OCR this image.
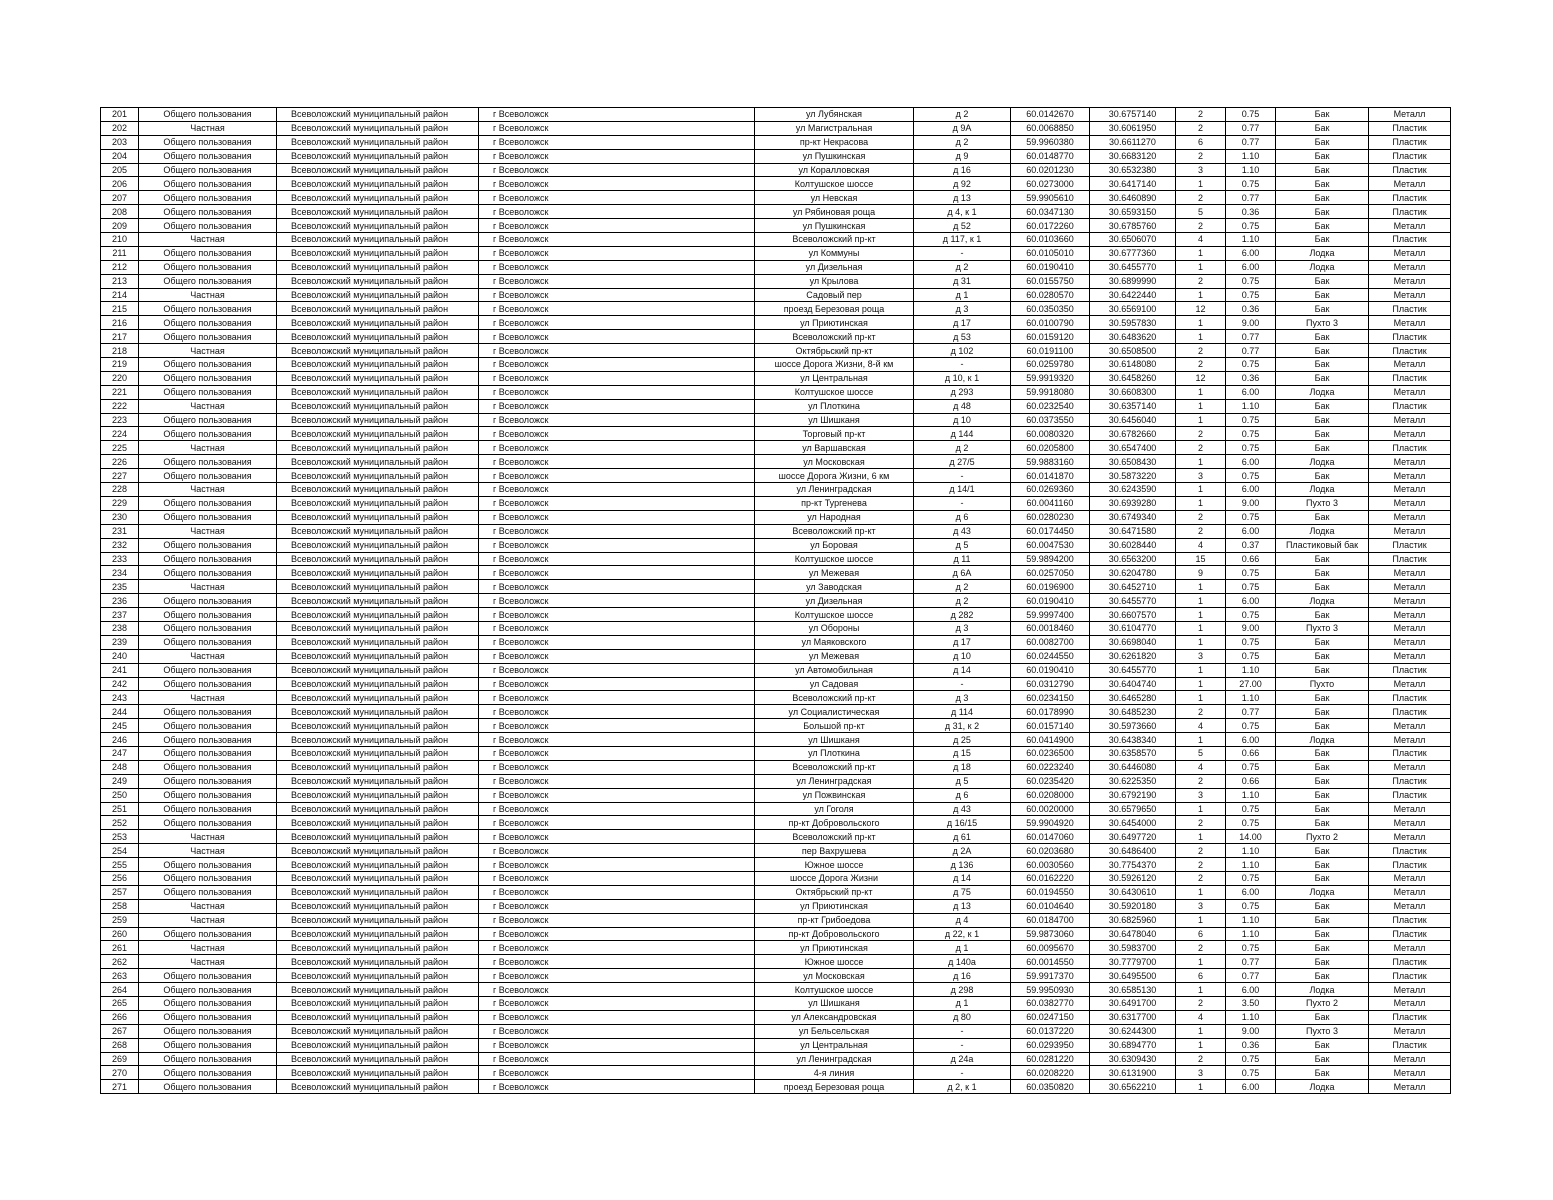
201	Общего пользования	Всеволожский муниципальный район	г Всеволожск	ул Лубянская	д 2	60.0142670	30.6757140	2	0.75	Бак	Металл
202	Частная	Всеволожский муниципальный район	г Всеволожск	ул Магистральная	д 9А	60.0068850	30.6061950	2	0.77	Бак	Пластик
203	Общего пользования	Всеволожский муниципальный район	г Всеволожск	пр-кт Некрасова	д 2	59.9960380	30.6611270	6	0.77	Бак	Пластик
204	Общего пользования	Всеволожский муниципальный район	г Всеволожск	ул Пушкинская	д 9	60.0148770	30.6683120	2	1.10	Бак	Пластик
205	Общего пользования	Всеволожский муниципальный район	г Всеволожск	ул Коралловская	д 16	60.0201230	30.6532380	3	1.10	Бак	Пластик
206	Общего пользования	Всеволожский муниципальный район	г Всеволожск	Колтушское шоссе	д 92	60.0273000	30.6417140	1	0.75	Бак	Металл
207	Общего пользования	Всеволожский муниципальный район	г Всеволожск	ул Невская	д 13	59.9905610	30.6460890	2	0.77	Бак	Пластик
208	Общего пользования	Всеволожский муниципальный район	г Всеволожск	ул Рябиновая роща	д 4, к 1	60.0347130	30.6593150	5	0.36	Бак	Пластик
209	Общего пользования	Всеволожский муниципальный район	г Всеволожск	ул Пушкинская	д 52	60.0172260	30.6785760	2	0.75	Бак	Металл
210	Частная	Всеволожский муниципальный район	г Всеволожск	Всеволожский пр-кт	д 117, к 1	60.0103660	30.6506070	4	1.10	Бак	Пластик
211	Общего пользования	Всеволожский муниципальный район	г Всеволожск	ул Коммуны	-	60.0105010	30.6777360	1	6.00	Лодка	Металл
212	Общего пользования	Всеволожский муниципальный район	г Всеволожск	ул Дизельная	д 2	60.0190410	30.6455770	1	6.00	Лодка	Металл
213	Общего пользования	Всеволожский муниципальный район	г Всеволожск	ул Крылова	д 31	60.0155750	30.6899990	2	0.75	Бак	Металл
214	Частная	Всеволожский муниципальный район	г Всеволожск	Садовый пер	д 1	60.0280570	30.6422440	1	0.75	Бак	Металл
215	Общего пользования	Всеволожский муниципальный район	г Всеволожск	проезд Березовая роща	д 3	60.0350350	30.6569100	12	0.36	Бак	Пластик
216	Общего пользования	Всеволожский муниципальный район	г Всеволожск	ул Приютинская	д 17	60.0100790	30.5957830	1	9.00	Пухто 3	Металл
217	Общего пользования	Всеволожский муниципальный район	г Всеволожск	Всеволожский пр-кт	д 53	60.0159120	30.6483620	1	0.77	Бак	Пластик
218	Частная	Всеволожский муниципальный район	г Всеволожск	Октябрьский пр-кт	д 102	60.0191100	30.6508500	2	0.77	Бак	Пластик
219	Общего пользования	Всеволожский муниципальный район	г Всеволожск	шоссе Дорога Жизни, 8-й км	-	60.0259780	30.6148080	2	0.75	Бак	Металл
220	Общего пользования	Всеволожский муниципальный район	г Всеволожск	ул Центральная	д 10, к 1	59.9919320	30.6458260	12	0.36	Бак	Пластик
221	Общего пользования	Всеволожский муниципальный район	г Всеволожск	Колтушское шоссе	д 293	59.9918080	30.6608300	1	6.00	Лодка	Металл
222	Частная	Всеволожский муниципальный район	г Всеволожск	ул Плоткина	д 48	60.0232540	30.6357140	1	1.10	Бак	Пластик
223	Общего пользования	Всеволожский муниципальный район	г Всеволожск	ул Шишканя	д 10	60.0373550	30.6456040	1	0.75	Бак	Металл
224	Общего пользования	Всеволожский муниципальный район	г Всеволожск	Торговый пр-кт	д 144	60.0080320	30.6782660	2	0.75	Бак	Металл
225	Частная	Всеволожский муниципальный район	г Всеволожск	ул Варшавская	д 2	60.0205800	30.6547400	2	0.75	Бак	Пластик
226	Общего пользования	Всеволожский муниципальный район	г Всеволожск	ул Московская	д 27/5	59.9883160	30.6508430	1	6.00	Лодка	Металл
227	Общего пользования	Всеволожский муниципальный район	г Всеволожск	шоссе Дорога Жизни, 6 км	-	60.0141870	30.5873220	3	0.75	Бак	Металл
228	Частная	Всеволожский муниципальный район	г Всеволожск	ул Ленинградская	д 14/1	60.0269360	30.6243590	1	6.00	Лодка	Металл
229	Общего пользования	Всеволожский муниципальный район	г Всеволожск	пр-кт Тургенева	-	60.0041160	30.6939280	1	9.00	Пухто 3	Металл
230	Общего пользования	Всеволожский муниципальный район	г Всеволожск	ул Народная	д 6	60.0280230	30.6749340	2	0.75	Бак	Металл
231	Частная	Всеволожский муниципальный район	г Всеволожск	Всеволожский пр-кт	д 43	60.0174450	30.6471580	2	6.00	Лодка	Металл
232	Общего пользования	Всеволожский муниципальный район	г Всеволожск	ул Боровая	д 5	60.0047530	30.6028440	4	0.37	Пластиковый бак	Пластик
233	Общего пользования	Всеволожский муниципальный район	г Всеволожск	Колтушское шоссе	д 11	59.9894200	30.6563200	15	0.66	Бак	Пластик
234	Общего пользования	Всеволожский муниципальный район	г Всеволожск	ул Межевая	д 6А	60.0257050	30.6204780	9	0.75	Бак	Металл
235	Частная	Всеволожский муниципальный район	г Всеволожск	ул Заводская	д 2	60.0196900	30.6452710	1	0.75	Бак	Металл
236	Общего пользования	Всеволожский муниципальный район	г Всеволожск	ул Дизельная	д 2	60.0190410	30.6455770	1	6.00	Лодка	Металл
237	Общего пользования	Всеволожский муниципальный район	г Всеволожск	Колтушское шоссе	д 282	59.9997400	30.6607570	1	0.75	Бак	Металл
238	Общего пользования	Всеволожский муниципальный район	г Всеволожск	ул Обороны	д 3	60.0018460	30.6104770	1	9.00	Пухто 3	Металл
239	Общего пользования	Всеволожский муниципальный район	г Всеволожск	ул Маяковского	д 17	60.0082700	30.6698040	1	0.75	Бак	Металл
240	Частная	Всеволожский муниципальный район	г Всеволожск	ул Межевая	д 10	60.0244550	30.6261820	3	0.75	Бак	Металл
241	Общего пользования	Всеволожский муниципальный район	г Всеволожск	ул Автомобильная	д 14	60.0190410	30.6455770	1	1.10	Бак	Пластик
242	Общего пользования	Всеволожский муниципальный район	г Всеволожск	ул Садовая	-	60.0312790	30.6404740	1	27.00	Пухто	Металл
243	Частная	Всеволожский муниципальный район	г Всеволожск	Всеволожский пр-кт	д 3	60.0234150	30.6465280	1	1.10	Бак	Пластик
244	Общего пользования	Всеволожский муниципальный район	г Всеволожск	ул Социалистическая	д 114	60.0178990	30.6485230	2	0.77	Бак	Пластик
245	Общего пользования	Всеволожский муниципальный район	г Всеволожск	Большой пр-кт	д 31, к 2	60.0157140	30.5973660	4	0.75	Бак	Металл
246	Общего пользования	Всеволожский муниципальный район	г Всеволожск	ул Шишканя	д 25	60.0414900	30.6438340	1	6.00	Лодка	Металл
247	Общего пользования	Всеволожский муниципальный район	г Всеволожск	ул Плоткина	д 15	60.0236500	30.6358570	5	0.66	Бак	Пластик
248	Общего пользования	Всеволожский муниципальный район	г Всеволожск	Всеволожский пр-кт	д 18	60.0223240	30.6446080	4	0.75	Бак	Металл
249	Общего пользования	Всеволожский муниципальный район	г Всеволожск	ул Ленинградская	д 5	60.0235420	30.6225350	2	0.66	Бак	Пластик
250	Общего пользования	Всеволожский муниципальный район	г Всеволожск	ул Пожвинская	д 6	60.0208000	30.6792190	3	1.10	Бак	Пластик
251	Общего пользования	Всеволожский муниципальный район	г Всеволожск	ул Гоголя	д 43	60.0020000	30.6579650	1	0.75	Бак	Металл
252	Общего пользования	Всеволожский муниципальный район	г Всеволожск	пр-кт Добровольского	д 16/15	59.9904920	30.6454000	2	0.75	Бак	Металл
253	Частная	Всеволожский муниципальный район	г Всеволожск	Всеволожский пр-кт	д 61	60.0147060	30.6497720	1	14.00	Пухто 2	Металл
254	Частная	Всеволожский муниципальный район	г Всеволожск	пер Вахрушева	д 2А	60.0203680	30.6486400	2	1.10	Бак	Пластик
255	Общего пользования	Всеволожский муниципальный район	г Всеволожск	Южное шоссе	д 136	60.0030560	30.7754370	2	1.10	Бак	Пластик
256	Общего пользования	Всеволожский муниципальный район	г Всеволожск	шоссе Дорога Жизни	д 14	60.0162220	30.5926120	2	0.75	Бак	Металл
257	Общего пользования	Всеволожский муниципальный район	г Всеволожск	Октябрьский пр-кт	д 75	60.0194550	30.6430610	1	6.00	Лодка	Металл
258	Частная	Всеволожский муниципальный район	г Всеволожск	ул Приютинская	д 13	60.0104640	30.5920180	3	0.75	Бак	Металл
259	Частная	Всеволожский муниципальный район	г Всеволожск	пр-кт Грибоедова	д 4	60.0184700	30.6825960	1	1.10	Бак	Пластик
260	Общего пользования	Всеволожский муниципальный район	г Всеволожск	пр-кт Добровольского	д 22, к 1	59.9873060	30.6478040	6	1.10	Бак	Пластик
261	Частная	Всеволожский муниципальный район	г Всеволожск	ул Приютинская	д 1	60.0095670	30.5983700	2	0.75	Бак	Металл
262	Частная	Всеволожский муниципальный район	г Всеволожск	Южное шоссе	д 140а	60.0014550	30.7779700	1	0.77	Бак	Пластик
263	Общего пользования	Всеволожский муниципальный район	г Всеволожск	ул Московская	д 16	59.9917370	30.6495500	6	0.77	Бак	Пластик
264	Общего пользования	Всеволожский муниципальный район	г Всеволожск	Колтушское шоссе	д 298	59.9950930	30.6585130	1	6.00	Лодка	Металл
265	Общего пользования	Всеволожский муниципальный район	г Всеволожск	ул Шишканя	д 1	60.0382770	30.6491700	2	3.50	Пухто 2	Металл
266	Общего пользования	Всеволожский муниципальный район	г Всеволожск	ул Александровская	д 80	60.0247150	30.6317700	4	1.10	Бак	Пластик
267	Общего пользования	Всеволожский муниципальный район	г Всеволожск	ул Бельсельская	-	60.0137220	30.6244300	1	9.00	Пухто 3	Металл
268	Общего пользования	Всеволожский муниципальный район	г Всеволожск	ул Центральная	-	60.0293950	30.6894770	1	0.36	Бак	Пластик
269	Общего пользования	Всеволожский муниципальный район	г Всеволожск	ул Ленинградская	д 24а	60.0281220	30.6309430	2	0.75	Бак	Металл
270	Общего пользования	Всеволожский муниципальный район	г Всеволожск	4-я линия	-	60.0208220	30.6131900	3	0.75	Бак	Металл
271	Общего пользования	Всеволожский муниципальный район	г Всеволожск	проезд Березовая роща	д 2, к 1	60.0350820	30.6562210	1	6.00	Лодка	Металл
